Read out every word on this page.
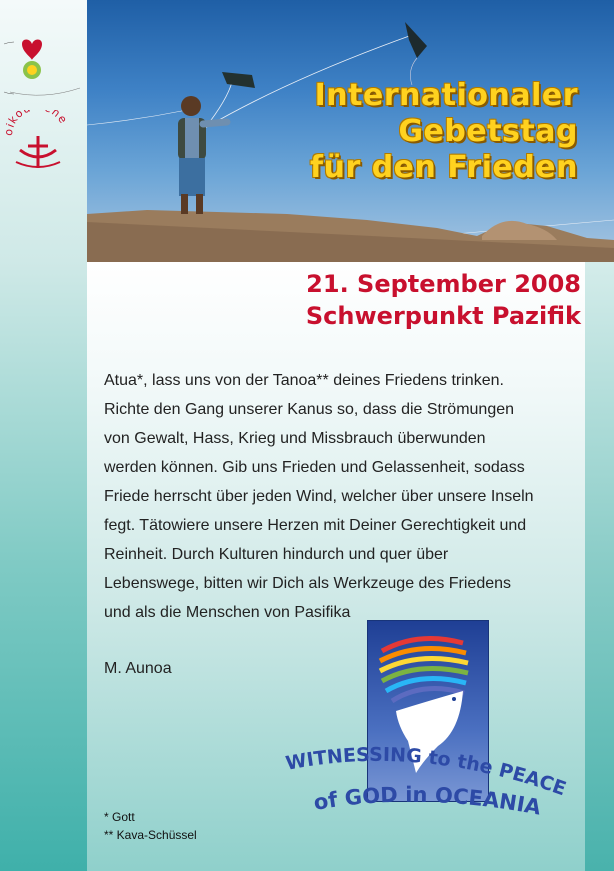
Internationaler
Gebetstag
für den Frieden
ko ne
21. September 2008
Schwerpunkt Pazifik

Atua*, lass uns von der Tanoa** deines Friedens trinken.

Richte den Gang unserer Kanus so, dass die Strömungen

von Gewalt, Hass, Krieg und Missbrauch überwunden

werden können. Gib uns Frieden und Gelassenheit, sodass

Friede herrscht über jeden Wind, welcher über unsere Inseln

fegt. Tätowiere unsere Herzen mit Deiner Gerechtigkeit und

Reinheit. Durch Kulturen hindurch und quer über

Lebenswege, bitten wir Dich als Werkzeuge des Friedens

und als die Menschen von Pasifika

M. Aunoa
WITNESSING to the PEACE
of GOD in OCEANIA
* Gott
** Kava-Schüssel
